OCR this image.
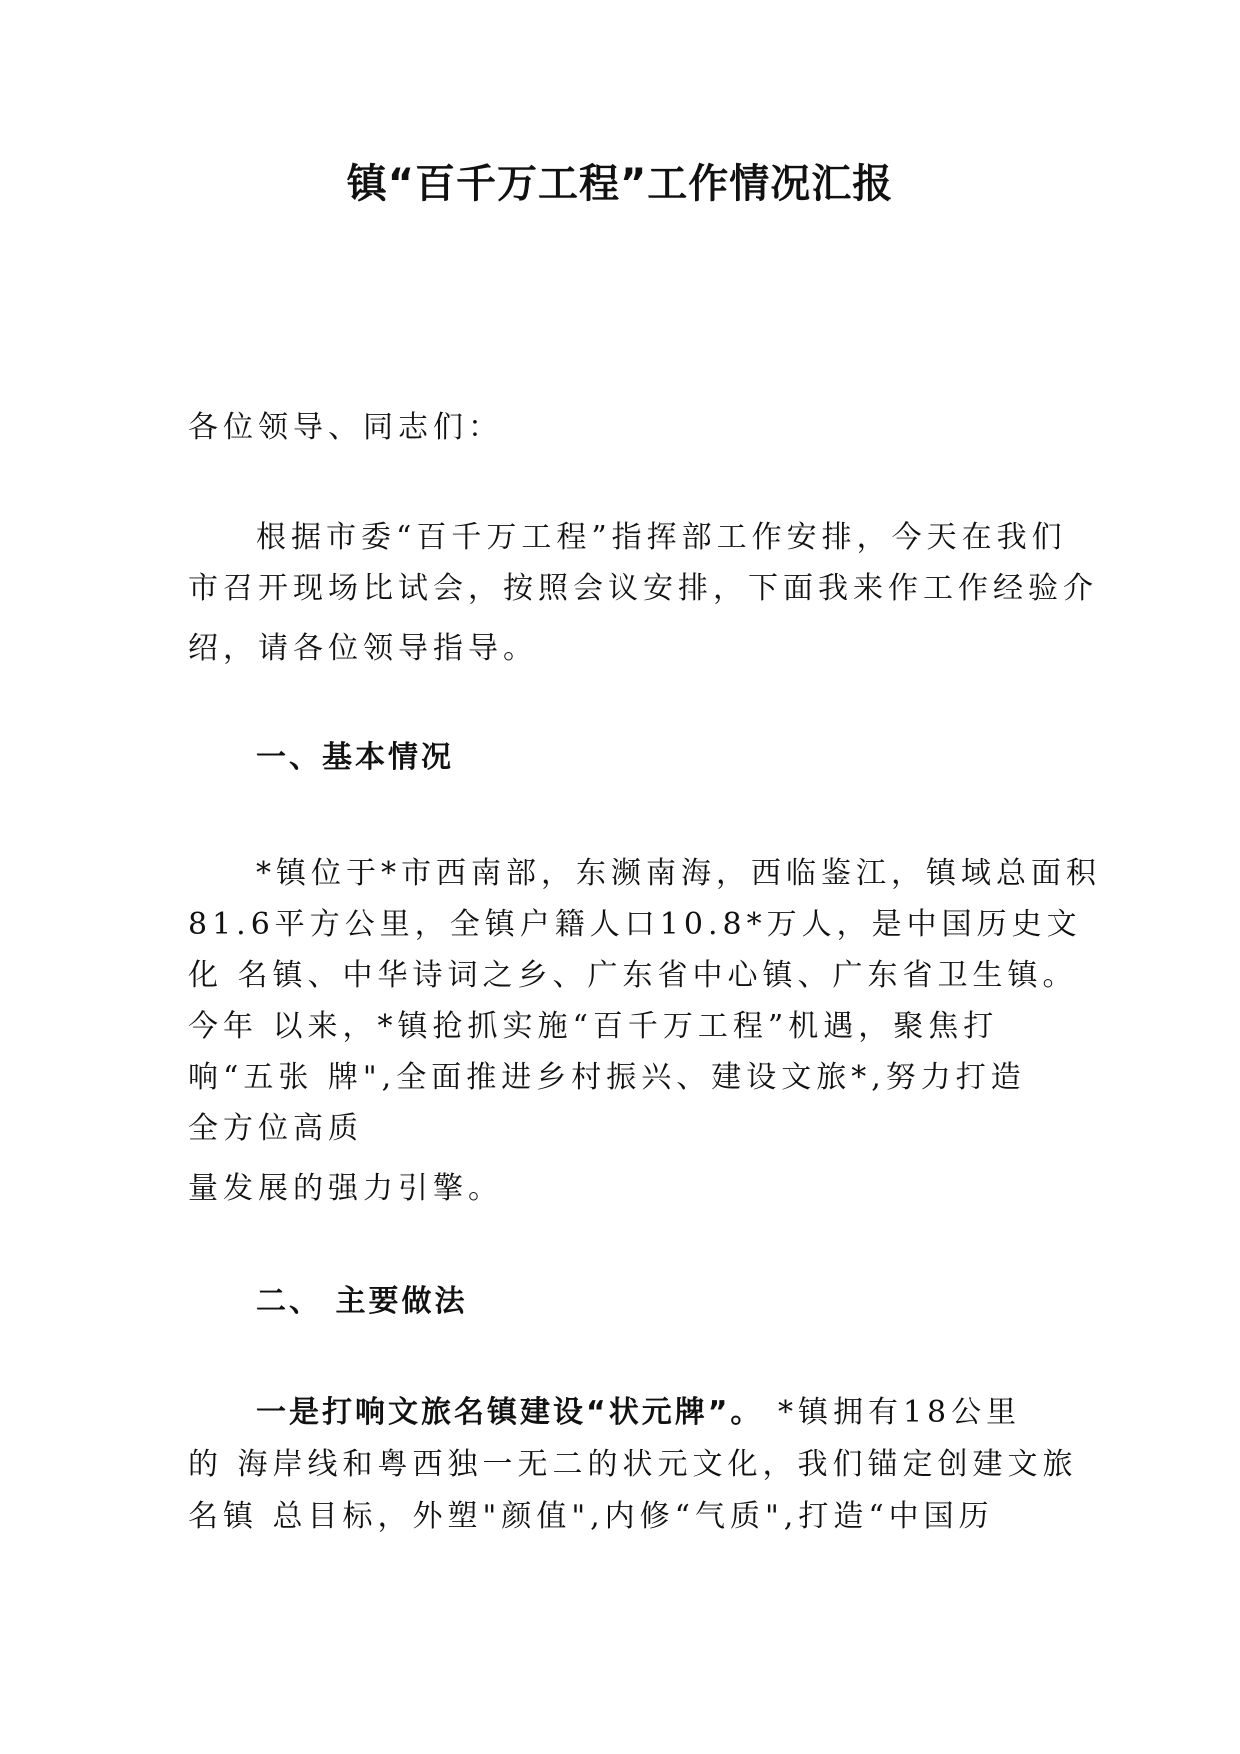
镇“百千万工程”工作情况汇报

各位领导、同志们：

根据市委“百千万工程”指挥部工作安排，今天在我们

市召开现场比试会，按照会议安排，下面我来作工作经验介

绍，请各位领导指导。

一、基本情况

*镇位于*市西南部，东濒南海，西临鉴江，镇域总面积

81.6平方公里，全镇户籍人口10.8*万人，是中国历史文

化 名镇、中华诗词之乡、广东省中心镇、广东省卫生镇。

今年 以来，*镇抢抓实施“百千万工程”机遇，聚焦打

响“五张 牌",全面推进乡村振兴、建设文旅*,努力打造

全方位高质

量发展的强力引擎。

二、 主要做法

一是打响文旅名镇建设“状元牌”。 *镇拥有18公里

的 海岸线和粤西独一无二的状元文化，我们锚定创建文旅

名镇 总目标，外塑"颜值",内修“气质",打造“中国历
